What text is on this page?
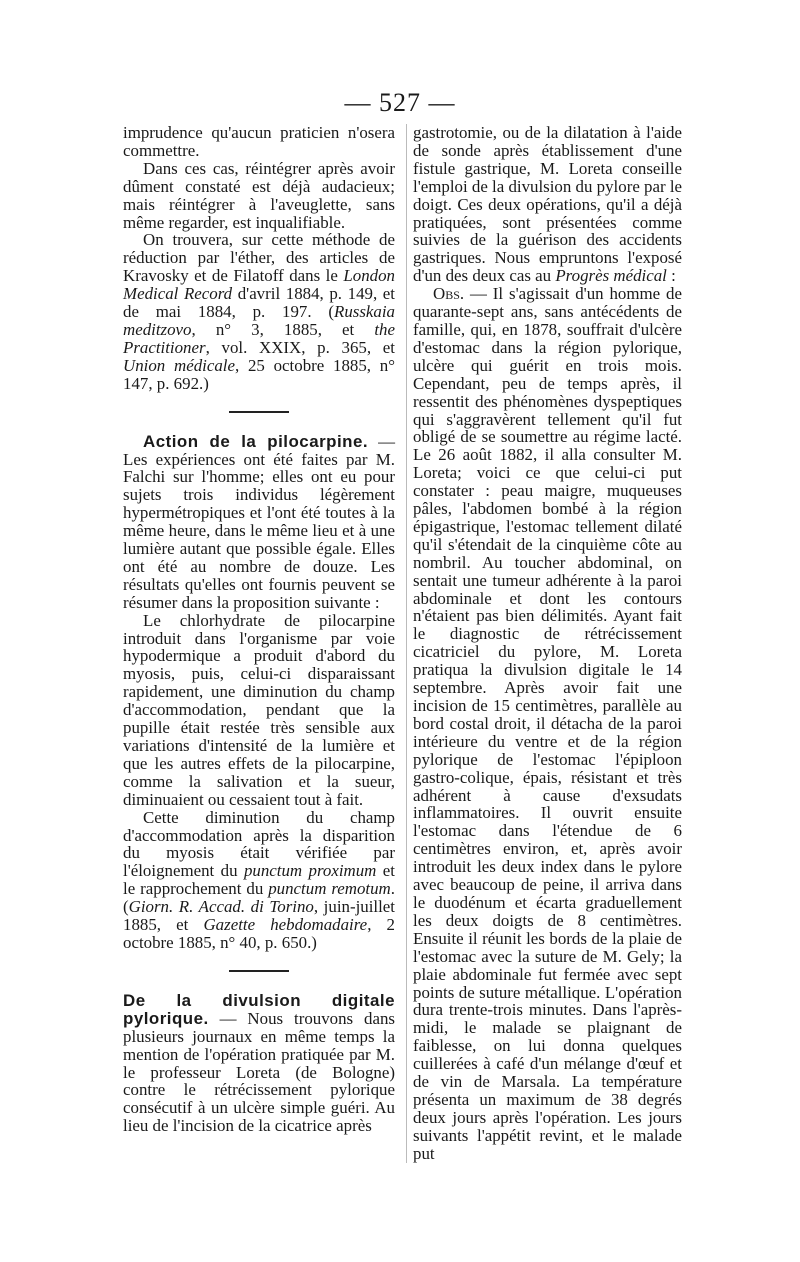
— 527 —

imprudence qu'aucun praticien n'osera commettre.

Dans ces cas, réintégrer après avoir dûment constaté est déjà audacieux; mais réintégrer à l'aveuglette, sans même regarder, est inqualifiable.

On trouvera, sur cette méthode de réduction par l'éther, des articles de Kravosky et de Filatoff dans le London Medical Record d'avril 1884, p. 149, et de mai 1884, p. 197. (Russkaia meditzovo, n° 3, 1885, et the Practitioner, vol. XXIX, p. 365, et Union médicale, 25 octobre 1885, n° 147, p. 692.)

Action de la pilocarpine. — Les expériences ont été faites par M. Falchi sur l'homme; elles ont eu pour sujets trois individus légèrement hypermétropiques et l'ont été toutes à la même heure, dans le même lieu et à une lumière autant que possible égale. Elles ont été au nombre de douze. Les résultats qu'elles ont fournis peuvent se résumer dans la proposition suivante :

Le chlorhydrate de pilocarpine introduit dans l'organisme par voie hypodermique a produit d'abord du myosis, puis, celui-ci disparaissant rapidement, une diminution du champ d'accommodation, pendant que la pupille était restée très sensible aux variations d'intensité de la lumière et que les autres effets de la pilocarpine, comme la salivation et la sueur, diminuaient ou cessaient tout à fait.

Cette diminution du champ d'accommodation après la disparition du myosis était vérifiée par l'éloignement du punctum proximum et le rapprochement du punctum remotum. (Giorn. R. Accad. di Torino, juin-juillet 1885, et Gazette hebdomadaire, 2 octobre 1885, n° 40, p. 650.)

De la divulsion digitale pylorique. — Nous trouvons dans plusieurs journaux en même temps la mention de l'opération pratiquée par M. le professeur Loreta (de Bologne) contre le rétrécissement pylorique consécutif à un ulcère simple guéri. Au lieu de l'incision de la cicatrice après

gastrotomie, ou de la dilatation à l'aide de sonde après établissement d'une fistule gastrique, M. Loreta conseille l'emploi de la divulsion du pylore par le doigt. Ces deux opérations, qu'il a déjà pratiquées, sont présentées comme suivies de la guérison des accidents gastriques. Nous empruntons l'exposé d'un des deux cas au Progrès médical :

Obs. — Il s'agissait d'un homme de quarante-sept ans, sans antécédents de famille, qui, en 1878, souffrait d'ulcère d'estomac dans la région pylorique, ulcère qui guérit en trois mois. Cependant, peu de temps après, il ressentit des phénomènes dyspeptiques qui s'aggravèrent tellement qu'il fut obligé de se soumettre au régime lacté. Le 26 août 1882, il alla consulter M. Loreta; voici ce que celui-ci put constater : peau maigre, muqueuses pâles, l'abdomen bombé à la région épigastrique, l'estomac tellement dilaté qu'il s'étendait de la cinquième côte au nombril. Au toucher abdominal, on sentait une tumeur adhérente à la paroi abdominale et dont les contours n'étaient pas bien délimités. Ayant fait le diagnostic de rétrécissement cicatriciel du pylore, M. Loreta pratiqua la divulsion digitale le 14 septembre. Après avoir fait une incision de 15 centimètres, parallèle au bord costal droit, il détacha de la paroi intérieure du ventre et de la région pylorique de l'estomac l'épiploon gastro-colique, épais, résistant et très adhérent à cause d'exsudats inflammatoires. Il ouvrit ensuite l'estomac dans l'étendue de 6 centimètres environ, et, après avoir introduit les deux index dans le pylore avec beaucoup de peine, il arriva dans le duodénum et écarta graduellement les deux doigts de 8 centimètres. Ensuite il réunit les bords de la plaie de l'estomac avec la suture de M. Gely; la plaie abdominale fut fermée avec sept points de suture métallique. L'opération dura trente-trois minutes. Dans l'après-midi, le malade se plaignant de faiblesse, on lui donna quelques cuillerées à café d'un mélange d'œuf et de vin de Marsala. La température présenta un maximum de 38 degrés deux jours après l'opération. Les jours suivants l'appétit revint, et le malade put
